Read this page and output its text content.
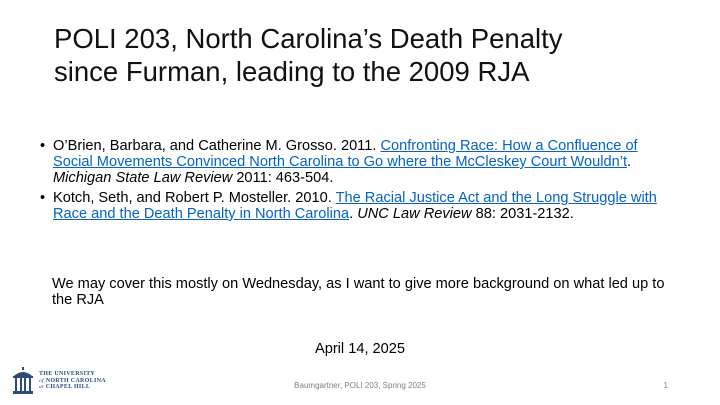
POLI 203, North Carolina’s Death Penalty
since Furman, leading to the 2009 RJA
• O’Brien, Barbara, and Catherine M. Grosso. 2011. Confronting Race: How a Confluence of Social Movements Convinced North Carolina to Go where the McCleskey Court Wouldn’t. Michigan State Law Review 2011: 463-504.
• Kotch, Seth, and Robert P. Mosteller. 2010. The Racial Justice Act and the Long Struggle with Race and the Death Penalty in North Carolina. UNC Law Review 88: 2031-2132.

We may cover this mostly on Wednesday, as I want to give more background on what led up to the RJA

April 14, 2025

THE UNIVERSITY
of NORTH CAROLINA
at CHAPEL HILL	Baumgartner, POLI 203, Spring 2025	1
